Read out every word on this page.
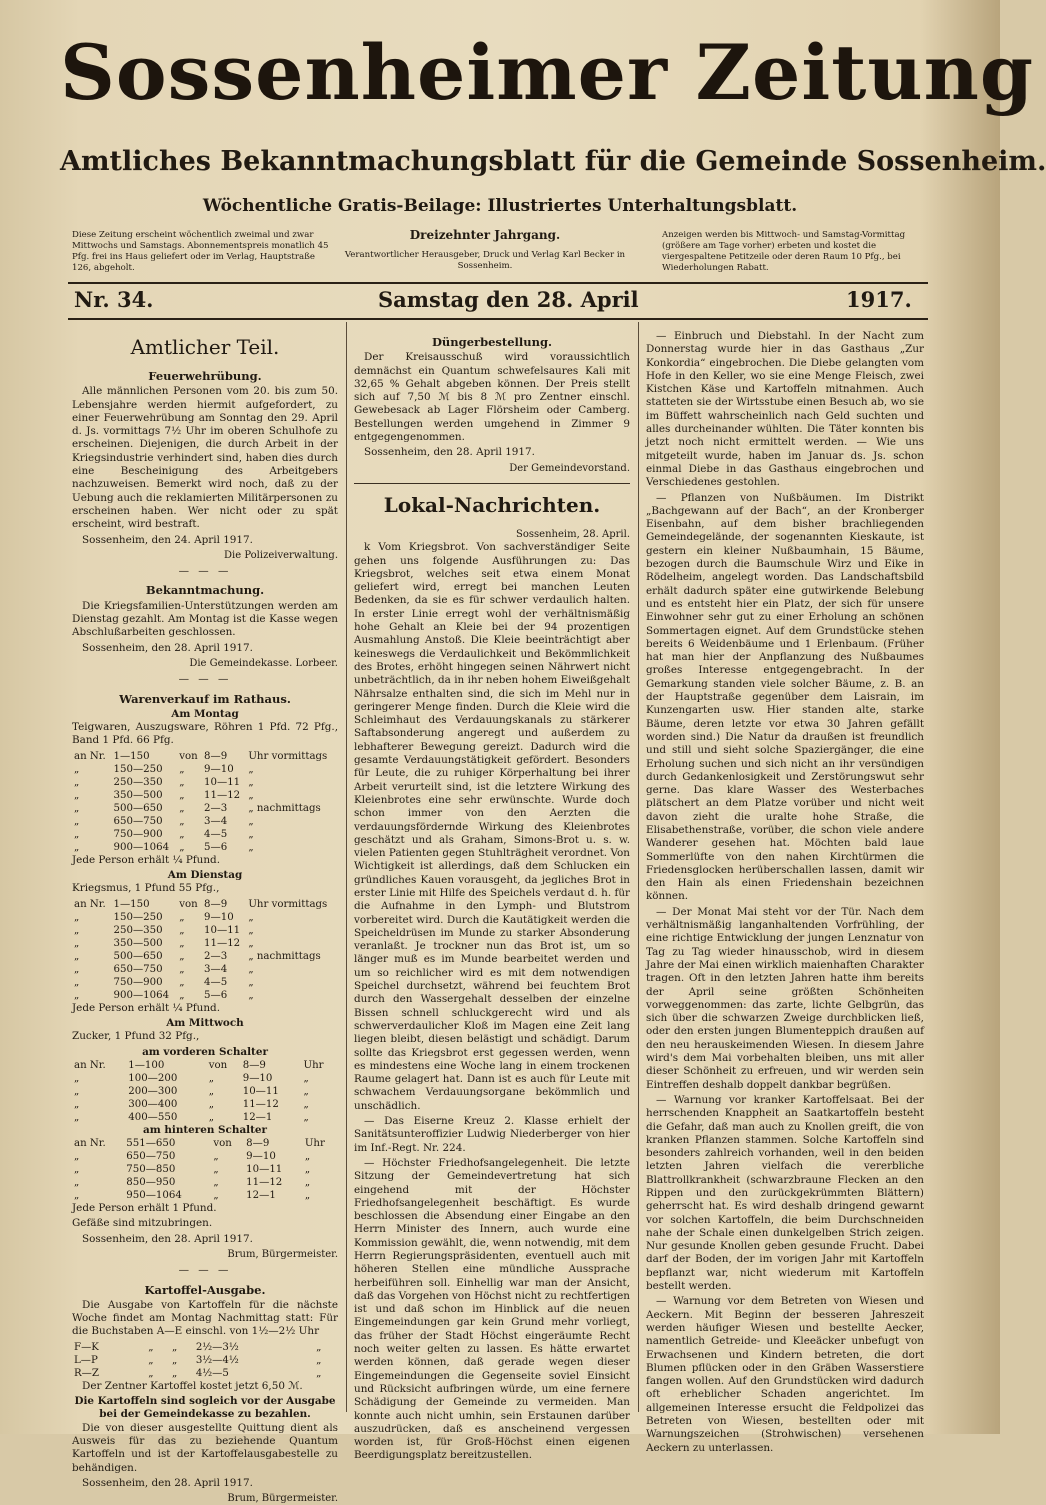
Sossenheimer Zeitung
Amtliches Bekanntmachungsblatt für die Gemeinde Sossenheim.
Wöchentliche Gratis-Beilage: Illustriertes Unterhaltungsblatt.
Diese Zeitung erscheint wöchentlich zweimal und zwar Mittwochs und Samstags. Abonnementspreis monatlich 45 Pfg. frei ins Haus geliefert oder im Verlag, Hauptstraße 126, abgeholt.
Dreizehnter Jahrgang.
Verantwortlicher Herausgeber, Druck und Verlag Karl Becker in Sossenheim.
Anzeigen werden bis Mittwoch- und Samstag-Vormittag (größere am Tage vorher) erbeten und kostet die viergespaltene Petitzeile oder deren Raum 10 Pfg., bei Wiederholungen Rabatt.
Nr. 34.	Samstag den 28. April	1917.
Amtlicher Teil.
Feuerwehrübung.

Alle männlichen Personen vom 20. bis zum 50. Lebensjahre werden hiermit aufgefordert, zu einer Feuerwehrübung am Sonntag den 29. April d. Js. vormittags 7½ Uhr im oberen Schulhofe zu erscheinen. Diejenigen, die durch Arbeit in der Kriegsindustrie verhindert sind, haben dies durch eine Bescheinigung des Arbeitgebers nachzuweisen. Bemerkt wird noch, daß zu der Uebung auch die reklamierten Militärpersonen zu erscheinen haben. Wer nicht oder zu spät erscheint, wird bestraft.

Sossenheim, den 24. April 1917.

Die Polizeiverwaltung.
— — —
Bekanntmachung.

Die Kriegsfamilien-Unterstützungen werden am Dienstag gezahlt. Am Montag ist die Kasse wegen Abschlußarbeiten geschlossen.

Sossenheim, den 28. April 1917.

Die Gemeindekasse. Lorbeer.
— — —
Warenverkauf im Rathaus.
Am Montag

Teigwaren, Auszugsware, Röhren 1 Pfd. 72 Pfg., Band 1 Pfd. 66 Pfg.

an Nr.	1—150	von	8—9	Uhr vormittags
„	150—250	„	9—10	„
„	250—350	„	10—11	„
„	350—500	„	11—12	„
„	500—650	„	2—3	„ nachmittags
„	650—750	„	3—4	„
„	750—900	„	4—5	„
„	900—1064	„	5—6	„

Jede Person erhält ¼ Pfund.

Am Dienstag

Kriegsmus, 1 Pfund 55 Pfg.,

an Nr.	1—150	von	8—9	Uhr vormittags
„	150—250	„	9—10	„
„	250—350	„	10—11	„
„	350—500	„	11—12	„
„	500—650	„	2—3	„ nachmittags
„	650—750	„	3—4	„
„	750—900	„	4—5	„
„	900—1064	„	5—6	„

Jede Person erhält ¼ Pfund.

Am Mittwoch

Zucker, 1 Pfund 32 Pfg.,

am vorderen Schalter
an Nr.	1—100	von	8—9	Uhr
„	100—200	„	9—10	„
„	200—300	„	10—11	„
„	300—400	„	11—12	„
„	400—550	„	12—1	„
am hinteren Schalter
an Nr.	551—650	von	8—9	Uhr
„	650—750	„	9—10	„
„	750—850	„	10—11	„
„	850—950	„	11—12	„
„	950—1064	„	12—1	„

Jede Person erhält 1 Pfund.

Gefäße sind mitzubringen.

Sossenheim, den 28. April 1917.

Brum, Bürgermeister.
— — —
Kartoffel-Ausgabe.

Die Ausgabe von Kartoffeln für die nächste Woche findet am Montag Nachmittag statt: Für die Buchstaben A—E einschl. von 1½—2½ Uhr

F—K	„	„	2½—3½	„
L—P	„	„	3½—4½	„
R—Z	„	„	4½—5	„

Der Zentner Kartoffel kostet jetzt 6,50 ℳ.

Die Kartoffeln sind sogleich vor der Ausgabe bei der Gemeindekasse zu bezahlen.

Die von dieser ausgestellte Quittung dient als Ausweis für das zu beziehende Quantum Kartoffeln und ist der Kartoffelausgabestelle zu behändigen.

Sossenheim, den 28. April 1917.

Brum, Bürgermeister.
Düngerbestellung.

Der Kreisausschuß wird voraussichtlich demnächst ein Quantum schwefelsaures Kali mit 32,65 % Gehalt abgeben können. Der Preis stellt sich auf 7,50 ℳ bis 8 ℳ pro Zentner einschl. Gewebesack ab Lager Flörsheim oder Camberg. Bestellungen werden umgehend in Zimmer 9 entgegengenommen.

Sossenheim, den 28. April 1917.

Der Gemeindevorstand.
Lokal-Nachrichten.
Sossenheim, 28. April.

k Vom Kriegsbrot. Von sachverständiger Seite gehen uns folgende Ausführungen zu: Das Kriegsbrot, welches seit etwa einem Monat geliefert wird, erregt bei manchen Leuten Bedenken, da sie es für schwer verdaulich halten. In erster Linie erregt wohl der verhältnismäßig hohe Gehalt an Kleie bei der 94 prozentigen Ausmahlung Anstoß. Die Kleie beeinträchtigt aber keineswegs die Verdaulichkeit und Bekömmlichkeit des Brotes, erhöht hingegen seinen Nährwert nicht unbeträchtlich, da in ihr neben hohem Eiweißgehalt Nährsalze enthalten sind, die sich im Mehl nur in geringerer Menge finden. Durch die Kleie wird die Schleimhaut des Verdauungskanals zu stärkerer Saftabsonderung angeregt und außerdem zu lebhafterer Bewegung gereizt. Dadurch wird die gesamte Verdauungstätigkeit gefördert. Besonders für Leute, die zu ruhiger Körperhaltung bei ihrer Arbeit verurteilt sind, ist die letztere Wirkung des Kleienbrotes eine sehr erwünschte. Wurde doch schon immer von den Aerzten die verdauungsfördernde Wirkung des Kleienbrotes geschätzt und als Graham, Simons-Brot u. s. w. vielen Patienten gegen Stuhlträgheit verordnet. Von Wichtigkeit ist allerdings, daß dem Schlucken ein gründliches Kauen vorausgeht, da jegliches Brot in erster Linie mit Hilfe des Speichels verdaut d. h. für die Aufnahme in den Lymph- und Blutstrom vorbereitet wird. Durch die Kautätigkeit werden die Speicheldrüsen im Munde zu starker Absonderung veranlaßt. Je trockner nun das Brot ist, um so länger muß es im Munde bearbeitet werden und um so reichlicher wird es mit dem notwendigen Speichel durchsetzt, während bei feuchtem Brot durch den Wassergehalt desselben der einzelne Bissen schnell schluckgerecht wird und als schwerverdaulicher Kloß im Magen eine Zeit lang liegen bleibt, diesen belästigt und schädigt. Darum sollte das Kriegsbrot erst gegessen werden, wenn es mindestens eine Woche lang in einem trockenen Raume gelagert hat. Dann ist es auch für Leute mit schwachem Verdauungsorgane bekömmlich und unschädlich.

— Das Eiserne Kreuz 2. Klasse erhielt der Sanitätsunteroffizier Ludwig Niederberger von hier im Inf.-Regt. Nr. 224.

— Höchster Friedhofsangelegenheit. Die letzte Sitzung der Gemeindevertretung hat sich eingehend mit der Höchster Friedhofsangelegenheit beschäftigt. Es wurde beschlossen die Absendung einer Eingabe an den Herrn Minister des Innern, auch wurde eine Kommission gewählt, die, wenn notwendig, mit dem Herrn Regierungspräsidenten, eventuell auch mit höheren Stellen eine mündliche Aussprache herbeiführen soll. Einhellig war man der Ansicht, daß das Vorgehen von Höchst nicht zu rechtfertigen ist und daß schon im Hinblick auf die neuen Eingemeindungen gar kein Grund mehr vorliegt, das früher der Stadt Höchst eingeräumte Recht noch weiter gelten zu lassen. Es hätte erwartet werden können, daß gerade wegen dieser Eingemeindungen die Gegenseite soviel Einsicht und Rücksicht aufbringen würde, um eine fernere Schädigung der Gemeinde zu vermeiden. Man konnte auch nicht umhin, sein Erstaunen darüber auszudrücken, daß es anscheinend vergessen worden ist, für Groß-Höchst einen eigenen Beerdigungsplatz bereitzustellen.

— Einbruch und Diebstahl. In der Nacht zum Donnerstag wurde hier in das Gasthaus „Zur Konkordia“ eingebrochen. Die Diebe gelangten vom Hofe in den Keller, wo sie eine Menge Fleisch, zwei Kistchen Käse und Kartoffeln mitnahmen. Auch statteten sie der Wirtsstube einen Besuch ab, wo sie im Büffett wahrscheinlich nach Geld suchten und alles durcheinander wühlten. Die Täter konnten bis jetzt noch nicht ermittelt werden. — Wie uns mitgeteilt wurde, haben im Januar ds. Js. schon einmal Diebe in das Gasthaus eingebrochen und Verschiedenes gestohlen.

— Pflanzen von Nußbäumen. Im Distrikt „Bachgewann auf der Bach“, an der Kronberger Eisenbahn, auf dem bisher brachliegenden Gemeindegelände, der sogenannten Kieskaute, ist gestern ein kleiner Nußbaumhain, 15 Bäume, bezogen durch die Baumschule Wirz und Eike in Rödelheim, angelegt worden. Das Landschaftsbild erhält dadurch später eine gutwirkende Belebung und es entsteht hier ein Platz, der sich für unsere Einwohner sehr gut zu einer Erholung an schönen Sommertagen eignet. Auf dem Grundstücke stehen bereits 6 Weidenbäume und 1 Erlenbaum. (Früher hat man hier der Anpflanzung des Nußbaumes großes Interesse entgegengebracht. In der Gemarkung standen viele solcher Bäume, z. B. an der Hauptstraße gegenüber dem Laisrain, im Kunzengarten usw. Hier standen alte, starke Bäume, deren letzte vor etwa 30 Jahren gefällt worden sind.) Die Natur da draußen ist freundlich und still und sieht solche Spaziergänger, die eine Erholung suchen und sich nicht an ihr versündigen durch Gedankenlosigkeit und Zerstörungswut sehr gerne. Das klare Wasser des Westerbaches plätschert an dem Platze vorüber und nicht weit davon zieht die uralte hohe Straße, die Elisabethenstraße, vorüber, die schon viele andere Wanderer gesehen hat. Möchten bald laue Sommerlüfte von den nahen Kirchtürmen die Friedensglocken herüberschallen lassen, damit wir den Hain als einen Friedenshain bezeichnen können.

— Der Monat Mai steht vor der Tür. Nach dem verhältnismäßig langanhaltenden Vorfrühling, der eine richtige Entwicklung der jungen Lenznatur von Tag zu Tag wieder hinausschob, wird in diesem Jahre der Mai einen wirklich maienhaften Charakter tragen. Oft in den letzten Jahren hatte ihm bereits der April seine größten Schönheiten vorweggenommen: das zarte, lichte Gelbgrün, das sich über die schwarzen Zweige durchblicken ließ, oder den ersten jungen Blumenteppich draußen auf den neu herauskeimenden Wiesen. In diesem Jahre wird's dem Mai vorbehalten bleiben, uns mit aller dieser Schönheit zu erfreuen, und wir werden sein Eintreffen deshalb doppelt dankbar begrüßen.

— Warnung vor kranker Kartoffelsaat. Bei der herrschenden Knappheit an Saatkartoffeln besteht die Gefahr, daß man auch zu Knollen greift, die von kranken Pflanzen stammen. Solche Kartoffeln sind besonders zahlreich vorhanden, weil in den beiden letzten Jahren vielfach die vererbliche Blattrollkrankheit (schwarzbraune Flecken an den Rippen und den zurückgekrümmten Blättern) geherrscht hat. Es wird deshalb dringend gewarnt vor solchen Kartoffeln, die beim Durchschneiden nahe der Schale einen dunkelgelben Strich zeigen. Nur gesunde Knollen geben gesunde Frucht. Dabei darf der Boden, der im vorigen Jahr mit Kartoffeln bepflanzt war, nicht wiederum mit Kartoffeln bestellt werden.

— Warnung vor dem Betreten von Wiesen und Aeckern. Mit Beginn der besseren Jahreszeit werden häufiger Wiesen und bestellte Aecker, namentlich Getreide- und Kleeäcker unbefugt von Erwachsenen und Kindern betreten, die dort Blumen pflücken oder in den Gräben Wasserstiere fangen wollen. Auf den Grundstücken wird dadurch oft erheblicher Schaden angerichtet. Im allgemeinen Interesse ersucht die Feldpolizei das Betreten von Wiesen, bestellten oder mit Warnungszeichen (Strohwischen) versehenen Aeckern zu unterlassen.
